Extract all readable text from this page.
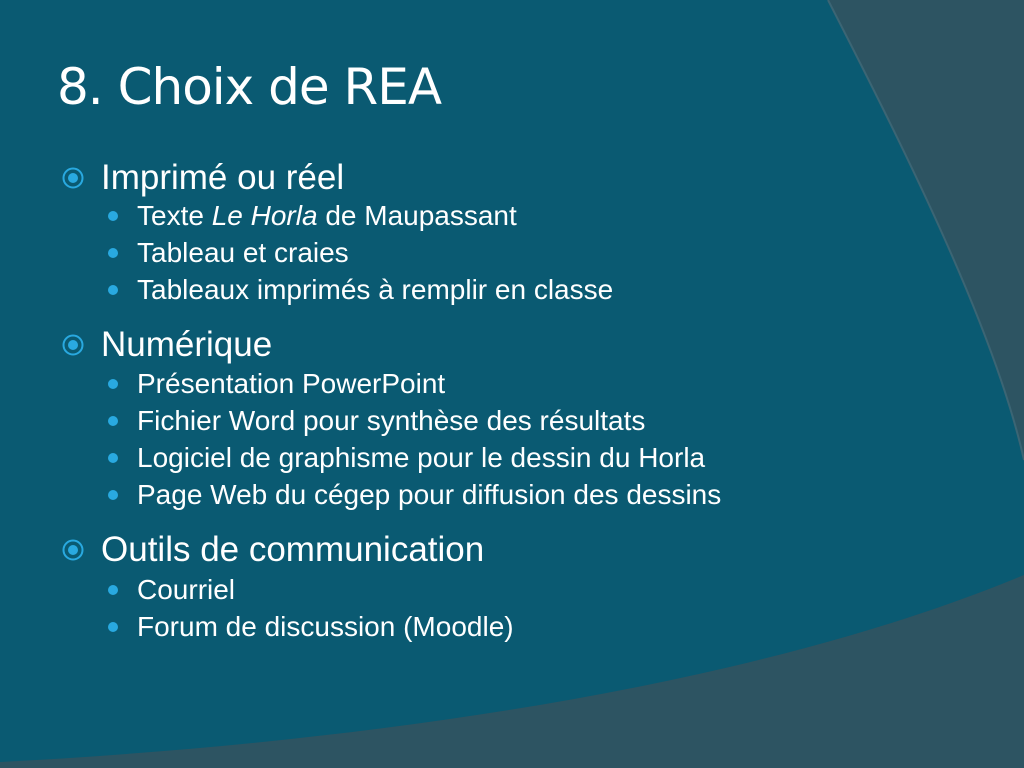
8. Choix de REA
Imprimé ou réel
Texte Le Horla de Maupassant
Tableau et craies
Tableaux imprimés à remplir en classe
Numérique
Présentation PowerPoint
Fichier Word pour synthèse des résultats
Logiciel de graphisme pour le dessin du Horla
Page Web du cégep pour diffusion des dessins
Outils de communication
Courriel
Forum de discussion (Moodle)
